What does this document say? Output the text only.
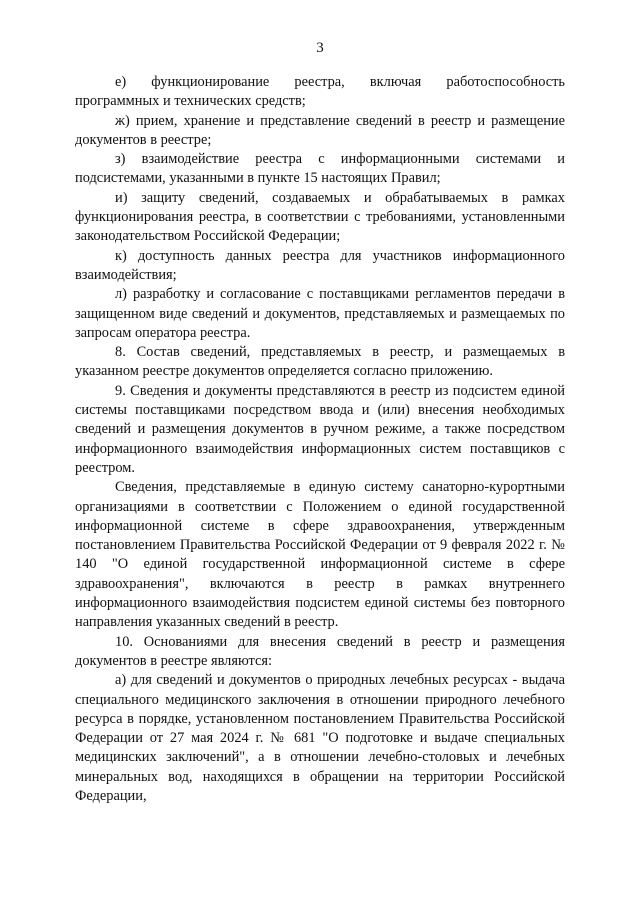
3

е) функционирование реестра, включая работоспособность программных и технических средств;

ж) прием, хранение и представление сведений в реестр и размещение документов в реестре;

з) взаимодействие реестра с информационными системами и подсистемами, указанными в пункте 15 настоящих Правил;

и) защиту сведений, создаваемых и обрабатываемых в рамках функционирования реестра, в соответствии с требованиями, установленными законодательством Российской Федерации;

к) доступность данных реестра для участников информационного взаимодействия;

л) разработку и согласование с поставщиками регламентов передачи в защищенном виде сведений и документов, представляемых и размещаемых по запросам оператора реестра.

8. Состав сведений, представляемых в реестр, и размещаемых в указанном реестре документов определяется согласно приложению.

9. Сведения и документы представляются в реестр из подсистем единой системы поставщиками посредством ввода и (или) внесения необходимых сведений и размещения документов в ручном режиме, а также посредством информационного взаимодействия информационных систем поставщиков с реестром.

Сведения, представляемые в единую систему санаторно-курортными организациями в соответствии с Положением о единой государственной информационной системе в сфере здравоохранения, утвержденным постановлением Правительства Российской Федерации от 9 февраля 2022 г. № 140 "О единой государственной информационной системе в сфере здравоохранения", включаются в реестр в рамках внутреннего информационного взаимодействия подсистем единой системы без повторного направления указанных сведений в реестр.

10. Основаниями для внесения сведений в реестр и размещения документов в реестре являются:

а) для сведений и документов о природных лечебных ресурсах - выдача специального медицинского заключения в отношении природного лечебного ресурса в порядке, установленном постановлением Правительства Российской Федерации от 27 мая 2024 г. № 681 "О подготовке и выдаче специальных медицинских заключений", а в отношении лечебно-столовых и лечебных минеральных вод, находящихся в обращении на территории Российской Федерации,
